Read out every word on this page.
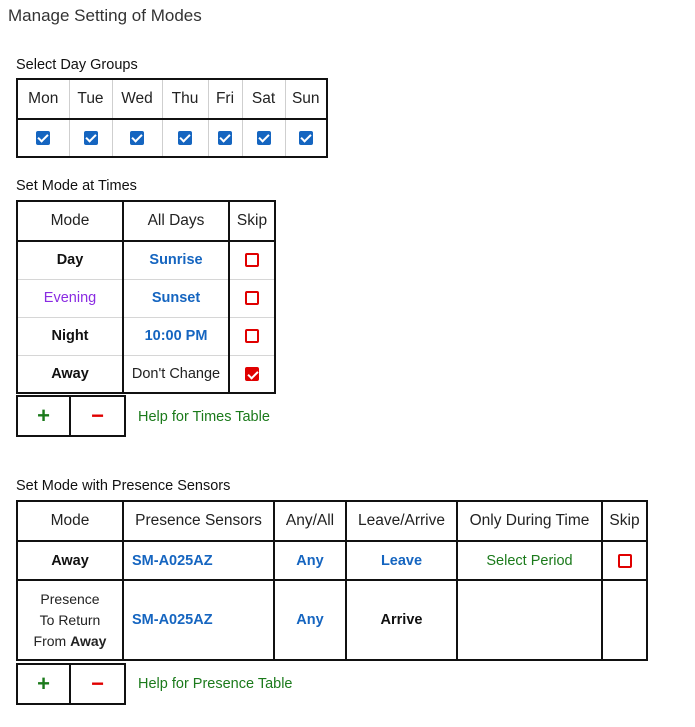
Manage Setting of Modes
Select Day Groups
Mon	Tue	Wed	Thu	Fri	Sat	Sun

Set Mode at Times
Mode	All Days	Skip
Day	Sunrise	
Evening	Sunset	
Night	10:00 PM	
Away	Don't Change	
+	−	Help for Times Table
Set Mode with Presence Sensors
Mode	Presence Sensors	Any/All	Leave/Arrive	Only During Time	Skip
Away	SM-A025AZ	Any	Leave	Select Period	

Presence
To Return
From Away	SM-A025AZ	Any	Arrive		
+	−	Help for Presence Table
